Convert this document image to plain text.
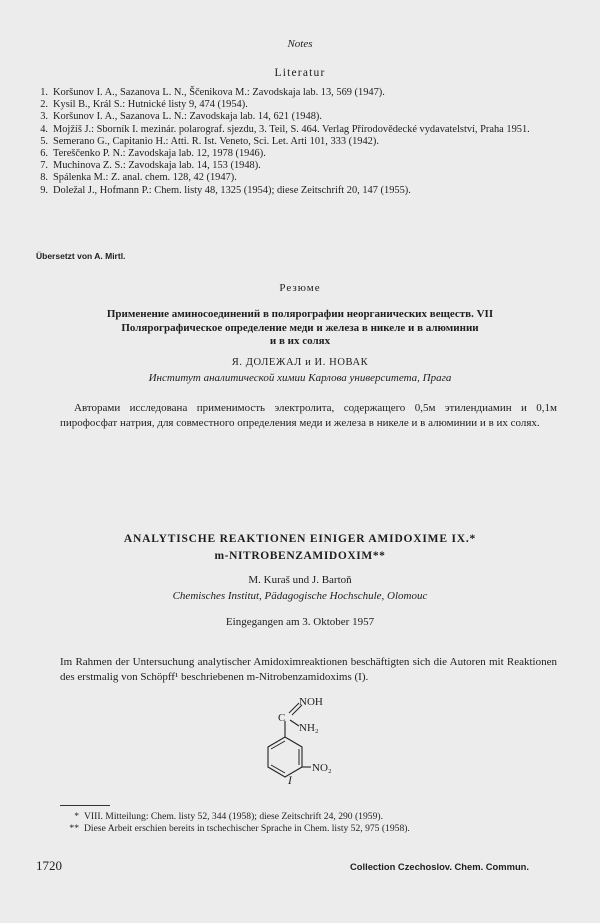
Notes
Literatur
1. Koršunov I. A., Sazanova L. N., Ščenikova M.: Zavodskaja lab. 13, 569 (1947).
2. Kysil B., Král S.: Hutnické listy 9, 474 (1954).
3. Koršunov I. A., Sazanova L. N.: Zavodskaja lab. 14, 621 (1948).
4. Mojžíš J.: Sborník I. mezinár. polarograf. sjezdu, 3. Teil, S. 464. Verlag Přírodovědecké vydavatelství, Praha 1951.
5. Semerano G., Capitanio H.: Atti. R. Ist. Veneto, Sci. Let. Arti 101, 333 (1942).
6. Tereščenko P. N.: Zavodskaja lab. 12, 1978 (1946).
7. Muchinova Z. S.: Zavodskaja lab. 14, 153 (1948).
8. Spálenka M.: Z. anal. chem. 128, 42 (1947).
9. Doležal J., Hofmann P.: Chem. listy 48, 1325 (1954); diese Zeitschrift 20, 147 (1955).
Übersetzt von A. Mirtl.
Резюме
Применение аминосоединений в полярографии неорганических веществ. VII
Полярографическое определение меди и железа в никеле и в алюминии
и в их солях
Я. ДОЛЕЖАЛ и И. НОВАК
Институт аналитической химии Карлова университета, Прага
Авторами исследована применимость электролита, содержащего 0,5м этилендиамин и 0,1м пирофосфат натрия, для совместного определения меди и железа в никеле и в алюминии и в их солях.
ANALYTISCHE REAKTIONEN EINIGER AMIDOXIME IX.*
m-NITROBENZAMIDOXIM**
M. Kuraš und J. Bartoň
Chemisches Institut, Pädagogische Hochschule, Olomouc
Eingegangen am 3. Oktober 1957
Im Rahmen der Untersuchung analytischer Amidoximreaktionen beschäftigten sich die Autoren mit Reaktionen des erstmalig von Schöpff¹ beschriebenen m-Nitrobenzamidoxims (I).
NOH
C
NH₂
NO₂
I
* VIII. Mitteilung: Chem. listy 52, 344 (1958); diese Zeitschrift 24, 290 (1959).
** Diese Arbeit erschien bereits in tschechischer Sprache in Chem. listy 52, 975 (1958).
1720	Collection Czechoslov. Chem. Commun.
